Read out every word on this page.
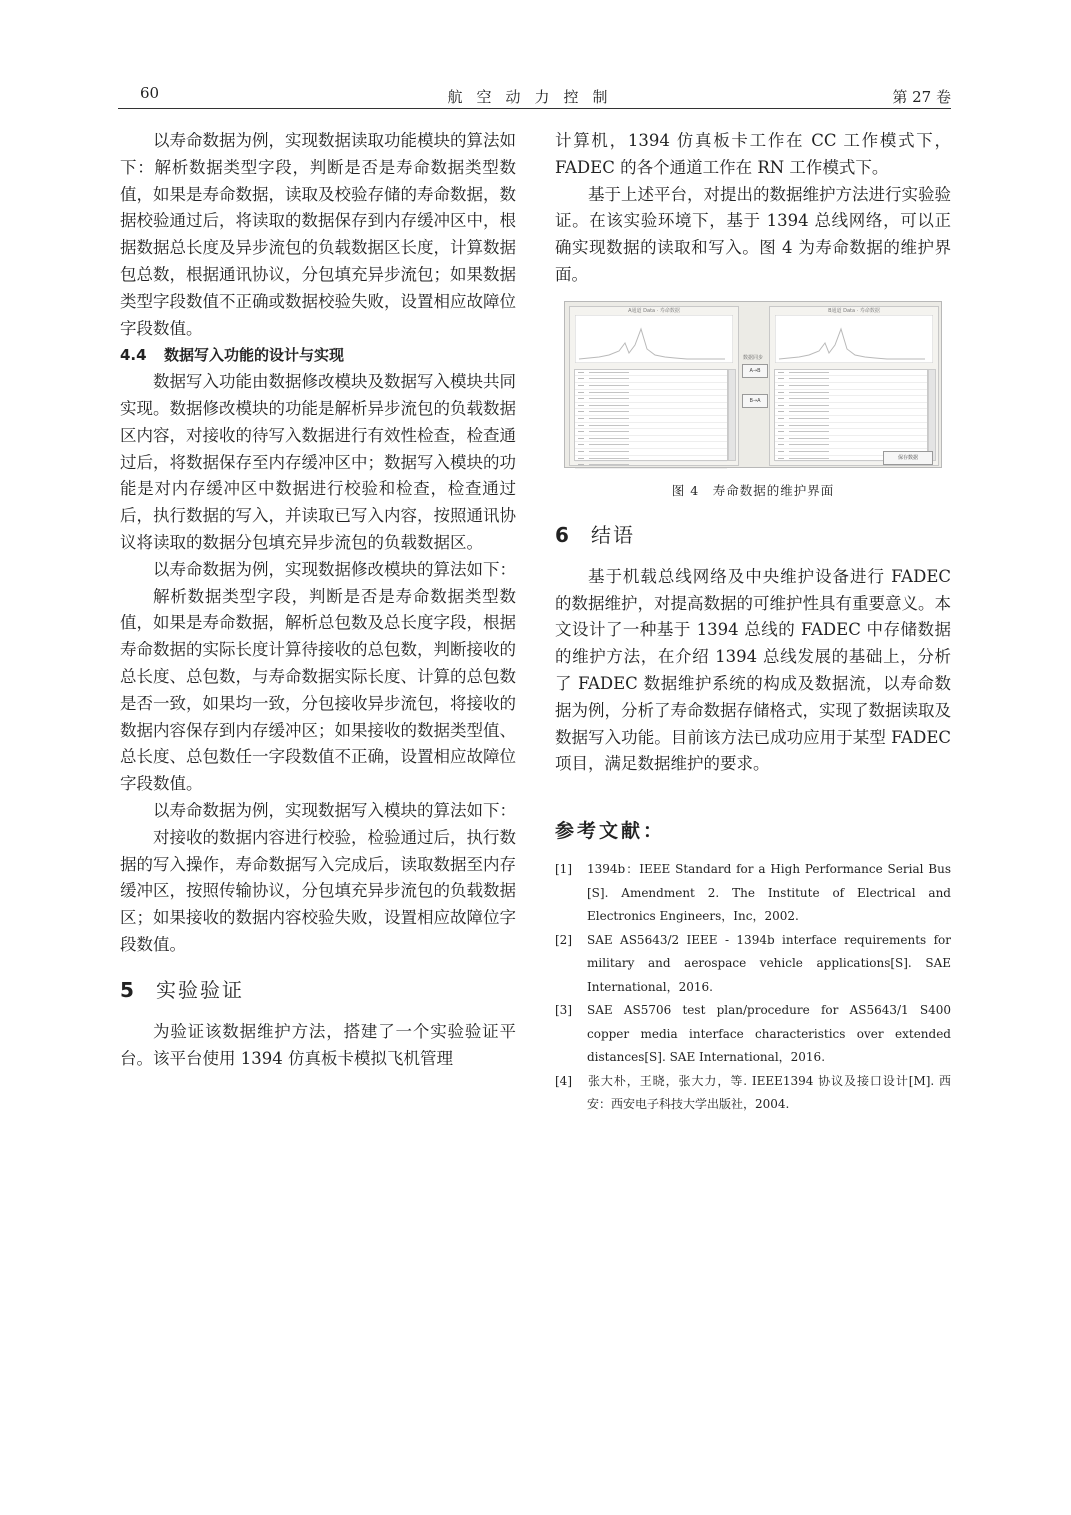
60	航空动力控制	第 27 卷

以寿命数据为例，实现数据读取功能模块的算法如下：解析数据类型字段，判断是否是寿命数据类型数值，如果是寿命数据，读取及校验存储的寿命数据，数据校验通过后，将读取的数据保存到内存缓冲区中，根据数据总长度及异步流包的负载数据区长度，计算数据包总数，根据通讯协议，分包填充异步流包；如果数据类型字段数值不正确或数据校验失败，设置相应故障位字段数值。

4.4 数据写入功能的设计与实现

数据写入功能由数据修改模块及数据写入模块共同实现。数据修改模块的功能是解析异步流包的负载数据区内容，对接收的待写入数据进行有效性检查，检查通过后，将数据保存至内存缓冲区中；数据写入模块的功能是对内存缓冲区中数据进行校验和检查，检查通过后，执行数据的写入，并读取已写入内容，按照通讯协议将读取的数据分包填充异步流包的负载数据区。

以寿命数据为例，实现数据修改模块的算法如下：

解析数据类型字段，判断是否是寿命数据类型数值，如果是寿命数据，解析总包数及总长度字段，根据寿命数据的实际长度计算待接收的总包数，判断接收的总长度、总包数，与寿命数据实际长度、计算的总包数是否一致，如果均一致，分包接收异步流包，将接收的数据内容保存到内存缓冲区；如果接收的数据类型值、总长度、总包数任一字段数值不正确，设置相应故障位字段数值。

以寿命数据为例，实现数据写入模块的算法如下：

对接收的数据内容进行校验，检验通过后，执行数据的写入操作，寿命数据写入完成后，读取数据至内存缓冲区，按照传输协议，分包填充异步流包的负载数据区；如果接收的数据内容校验失败，设置相应故障位字段数值。

5 实验验证

为验证该数据维护方法，搭建了一个实验验证平台。该平台使用 1394 仿真板卡模拟飞机管理

计算机，1394 仿真板卡工作在 CC 工作模式下，FADEC 的各个通道工作在 RN 工作模式下。

基于上述平台，对提出的数据维护方法进行实验验证。在该实验环境下，基于 1394 总线网络，可以正确实现数据的读取和写入。图 4 为寿命数据的维护界面。

A通道 Data · 寿命数据
数据同步
A→B
B→A
B通道 Data · 寿命数据
保存数据
图 4　寿命数据的维护界面
6 结语

基于机载总线网络及中央维护设备进行 FADEC 的数据维护，对提高数据的可维护性具有重要意义。本文设计了一种基于 1394 总线的 FADEC 中存储数据的维护方法，在介绍 1394 总线发展的基础上，分析了 FADEC 数据维护系统的构成及数据流，以寿命数据为例，分析了寿命数据存储格式，实现了数据读取及数据写入功能。目前该方法已成功应用于某型 FADEC 项目，满足数据维护的要求。

参考文献：
[1] 1394b：IEEE Standard for a High Performance Serial Bus [S]. Amendment 2. The Institute of Electrical and Electronics Engineers，Inc，2002.
[2] SAE AS5643/2 IEEE - 1394b interface requirements for military and aerospace vehicle applications[S]. SAE International，2016.
[3] SAE AS5706 test plan/procedure for AS5643/1 S400 copper media interface characteristics over extended distances[S]. SAE International，2016.
[4] 张大朴，王晓，张大力，等. IEEE1394 协议及接口设计[M]. 西安：西安电子科技大学出版社，2004.
